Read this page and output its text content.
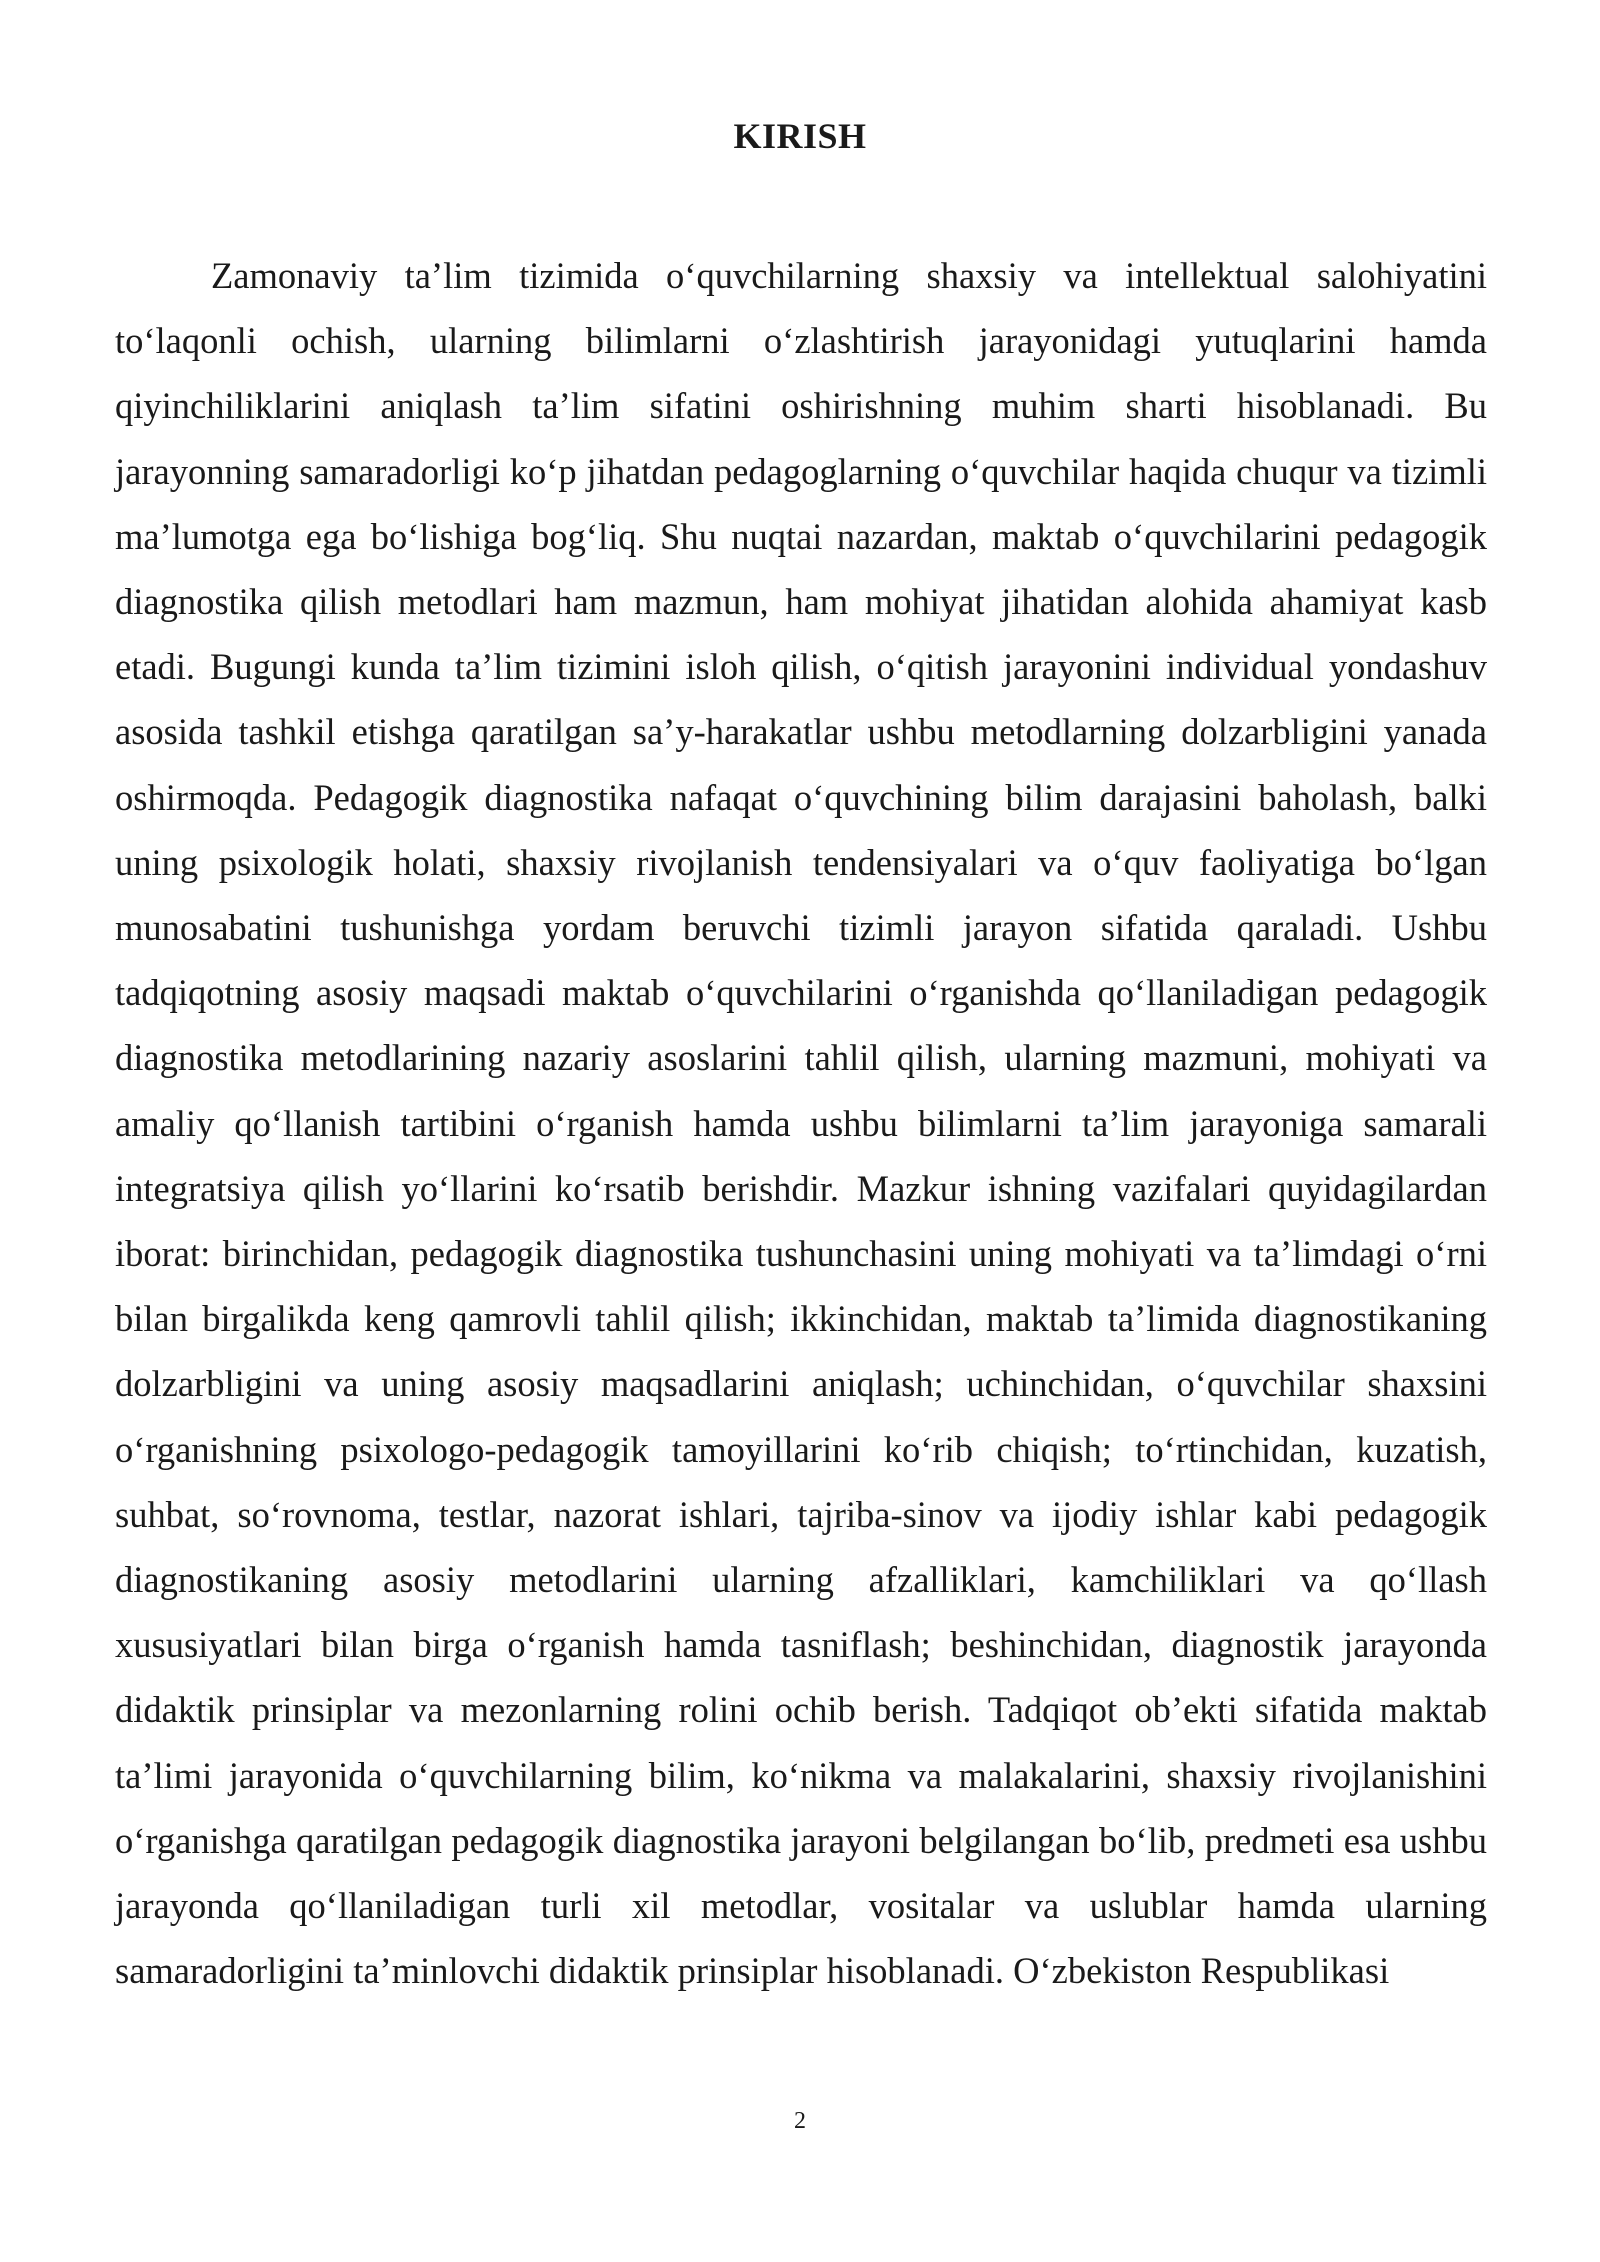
KIRISH

Zamonaviy ta’lim tizimida o‘quvchilarning shaxsiy va intellektual salohiyatini to‘laqonli ochish, ularning bilimlarni o‘zlashtirish jarayonidagi yutuqlarini hamda qiyinchiliklarini aniqlash ta’lim sifatini oshirishning muhim sharti hisoblanadi. Bu jarayonning samaradorligi ko‘p jihatdan pedagoglarning o‘quvchilar haqida chuqur va tizimli ma’lumotga ega bo‘lishiga bog‘liq. Shu nuqtai nazardan, maktab o‘quvchilarini pedagogik diagnostika qilish metodlari ham mazmun, ham mohiyat jihatidan alohida ahamiyat kasb etadi. Bugungi kunda ta’lim tizimini isloh qilish, o‘qitish jarayonini individual yondashuv asosida tashkil etishga qaratilgan sa’y-harakatlar ushbu metodlarning dolzarbligini yanada oshirmoqda. Pedagogik diagnostika nafaqat o‘quvchining bilim darajasini baholash, balki uning psixologik holati, shaxsiy rivojlanish tendensiyalari va o‘quv faoliyatiga bo‘lgan munosabatini tushunishga yordam beruvchi tizimli jarayon sifatida qaraladi. Ushbu tadqiqotning asosiy maqsadi maktab o‘quvchilarini o‘rganishda qo‘llaniladigan pedagogik diagnostika metodlarining nazariy asoslarini tahlil qilish, ularning mazmuni, mohiyati va amaliy qo‘llanish tartibini o‘rganish hamda ushbu bilimlarni ta’lim jarayoniga samarali integratsiya qilish yo‘llarini ko‘rsatib berishdir. Mazkur ishning vazifalari quyidagilardan iborat: birinchidan, pedagogik diagnostika tushunchasini uning mohiyati va ta’limdagi o‘rni bilan birgalikda keng qamrovli tahlil qilish; ikkinchidan, maktab ta’limida diagnostikaning dolzarbligini va uning asosiy maqsadlarini aniqlash; uchinchidan, o‘quvchilar shaxsini o‘rganishning psixologo-pedagogik tamoyillarini ko‘rib chiqish; to‘rtinchidan, kuzatish, suhbat, so‘rovnoma, testlar, nazorat ishlari, tajriba-sinov va ijodiy ishlar kabi pedagogik diagnostikaning asosiy metodlarini ularning afzalliklari, kamchiliklari va qo‘llash xususiyatlari bilan birga o‘rganish hamda tasniflash; beshinchidan, diagnostik jarayonda didaktik prinsiplar va mezonlarning rolini ochib berish. Tadqiqot ob’ekti sifatida maktab ta’limi jarayonida o‘quvchilarning bilim, ko‘nikma va malakalarini, shaxsiy rivojlanishini o‘rganishga qaratilgan pedagogik diagnostika jarayoni belgilangan bo‘lib, predmeti esa ushbu jarayonda qo‘llaniladigan turli xil metodlar, vositalar va uslublar hamda ularning samaradorligini ta’minlovchi didaktik prinsiplar hisoblanadi. O‘zbekiston Respublikasi

2
